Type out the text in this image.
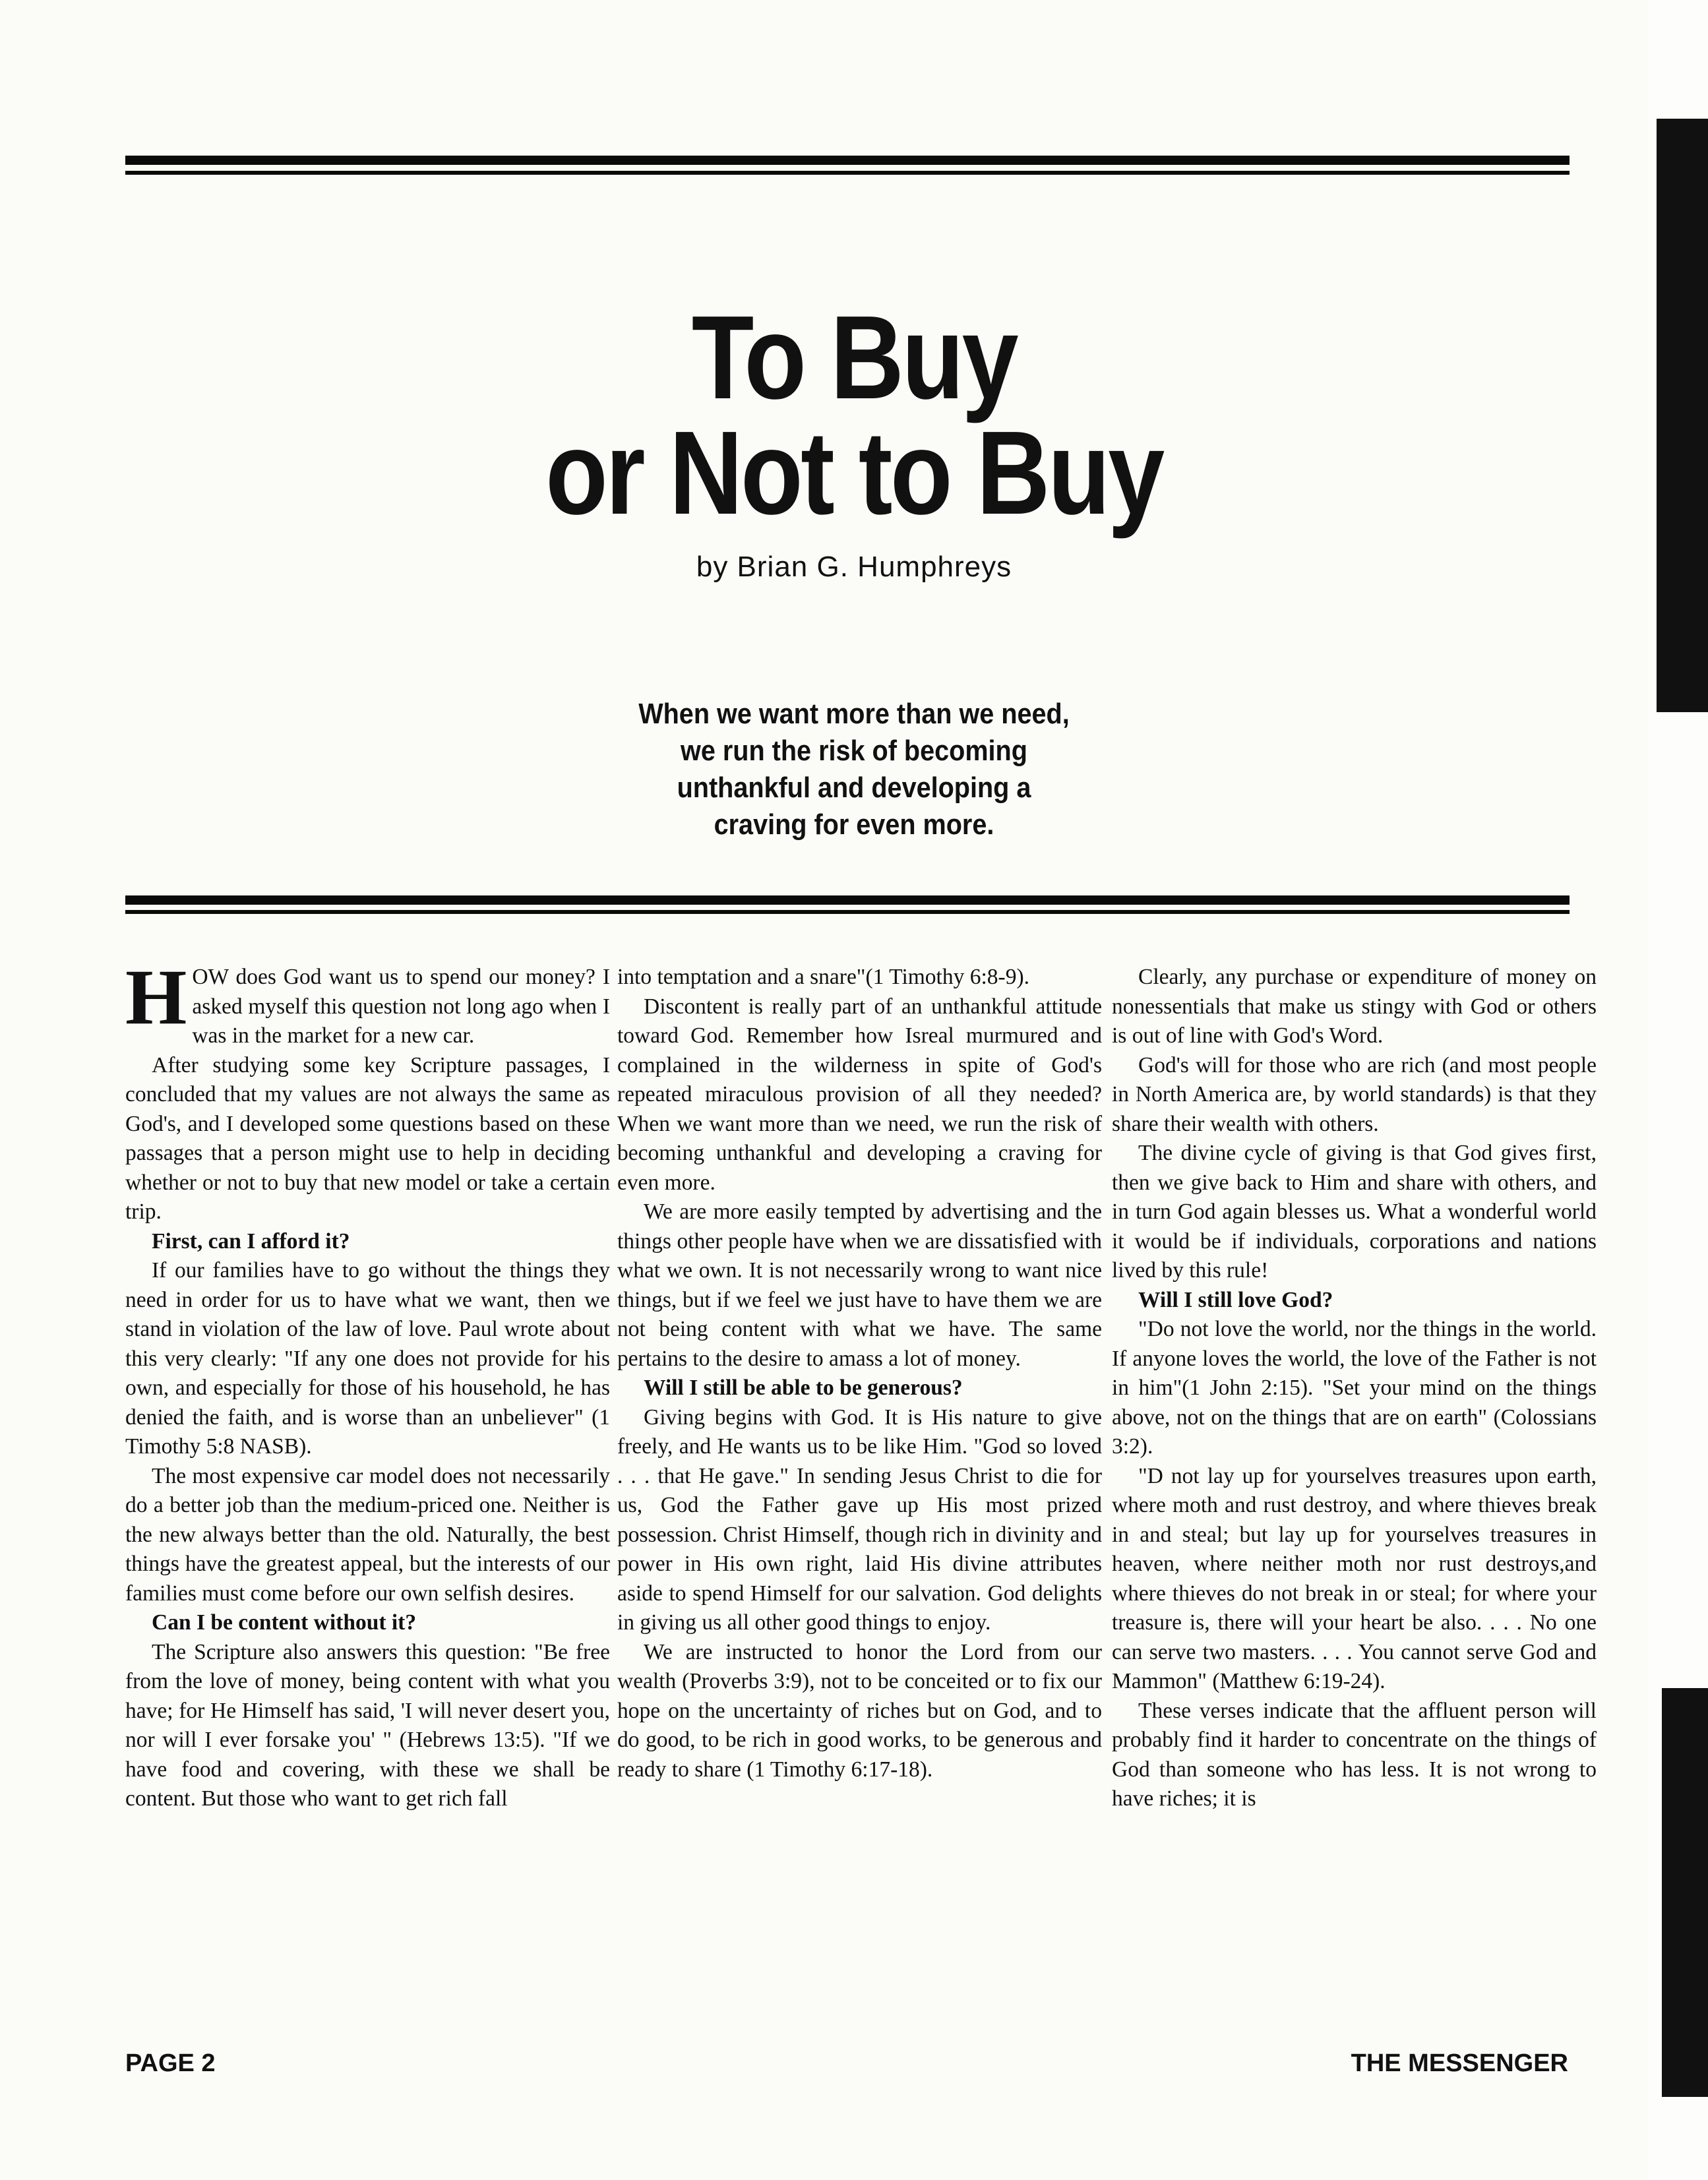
To Buy
or Not to Buy
by Brian G. Humphreys
When we want more than we need, we run the risk of becoming unthankful and developing a craving for even more.

HOW does God want us to spend our money? I asked myself this question not long ago when I was in the market for a new car.

After studying some key Scripture passages, I concluded that my values are not always the same as God's, and I developed some questions based on these passages that a person might use to help in deciding whether or not to buy that new model or take a certain trip.

First, can I afford it?

If our families have to go without the things they need in order for us to have what we want, then we stand in violation of the law of love. Paul wrote about this very clearly: "If any one does not provide for his own, and especially for those of his household, he has denied the faith, and is worse than an unbeliever" (1 Timothy 5:8 NASB).

The most expensive car model does not necessarily do a better job than the medium-priced one. Neither is the new always better than the old. Naturally, the best things have the greatest appeal, but the interests of our families must come before our own selfish desires.

Can I be content without it?

The Scripture also answers this question: "Be free from the love of money, being content with what you have; for He Himself has said, 'I will never desert you, nor will I ever forsake you' " (Hebrews 13:5). "If we have food and covering, with these we shall be content. But those who want to get rich fall

into temptation and a snare"(1 Timothy 6:8-9).

Discontent is really part of an unthankful attitude toward God. Remember how Isreal murmured and complained in the wilderness in spite of God's repeated miraculous provision of all they needed? When we want more than we need, we run the risk of becoming unthankful and developing a craving for even more.

We are more easily tempted by advertising and the things other people have when we are dissatisfied with what we own. It is not necessarily wrong to want nice things, but if we feel we just have to have them we are not being content with what we have. The same pertains to the desire to amass a lot of money.

Will I still be able to be generous?

Giving begins with God. It is His nature to give freely, and He wants us to be like Him. "God so loved . . . that He gave." In sending Jesus Christ to die for us, God the Father gave up His most prized possession. Christ Himself, though rich in divinity and power in His own right, laid His divine attributes aside to spend Himself for our salvation. God delights in giving us all other good things to enjoy.

We are instructed to honor the Lord from our wealth (Proverbs 3:9), not to be conceited or to fix our hope on the uncertainty of riches but on God, and to do good, to be rich in good works, to be generous and ready to share (1 Timothy 6:17-18).

Clearly, any purchase or expenditure of money on nonessentials that make us stingy with God or others is out of line with God's Word.

God's will for those who are rich (and most people in North America are, by world standards) is that they share their wealth with others.

The divine cycle of giving is that God gives first, then we give back to Him and share with others, and in turn God again blesses us. What a wonderful world it would be if individuals, corporations and nations lived by this rule!

Will I still love God?

"Do not love the world, nor the things in the world. If anyone loves the world, the love of the Father is not in him"(1 John 2:15). "Set your mind on the things above, not on the things that are on earth" (Colossians 3:2).

"D not lay up for yourselves treasures upon earth, where moth and rust destroy, and where thieves break in and steal; but lay up for yourselves treasures in heaven, where neither moth nor rust destroys,and where thieves do not break in or steal; for where your treasure is, there will your heart be also. . . . No one can serve two masters. . . . You cannot serve God and Mammon" (Matthew 6:19-24).

These verses indicate that the affluent person will probably find it harder to concentrate on the things of God than someone who has less. It is not wrong to have riches; it is

PAGE 2	THE MESSENGER
